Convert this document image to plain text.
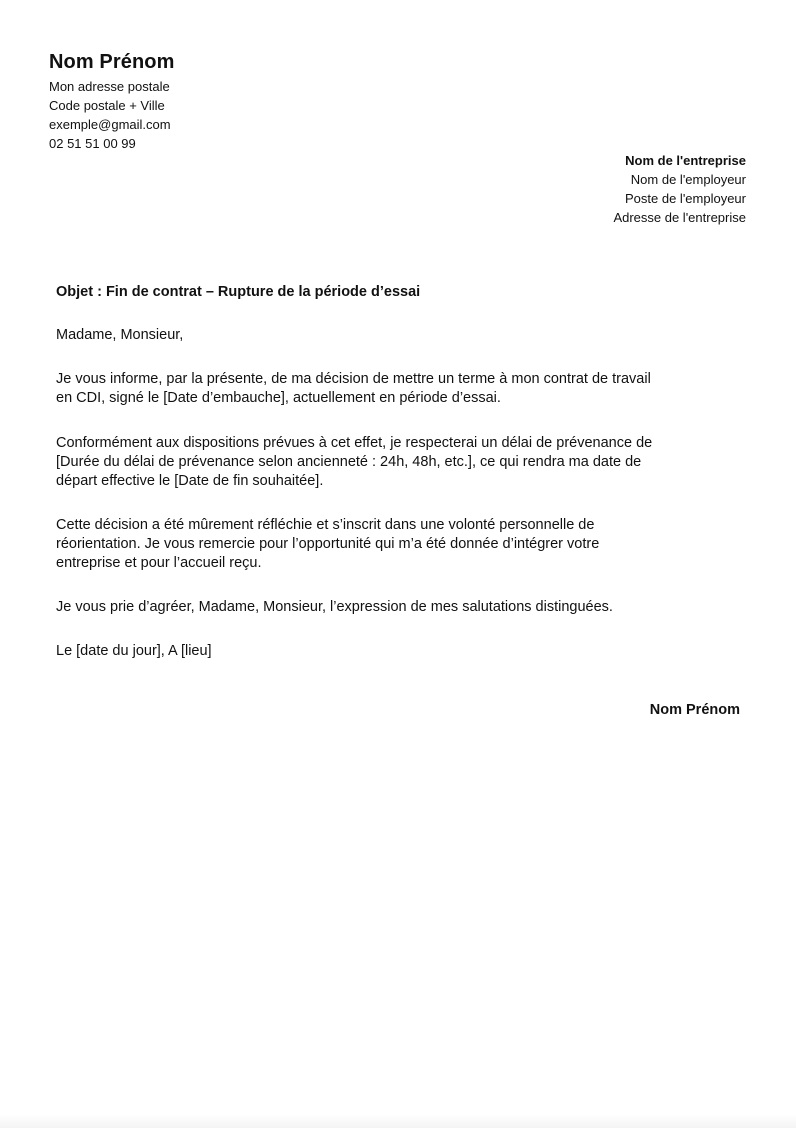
Nom Prénom
Mon adresse postale
Code postale + Ville
exemple@gmail.com
02 51 51 00 99
Nom de l'entreprise
Nom de l'employeur
Poste de l'employeur
Adresse de l'entreprise
Objet : Fin de contrat – Rupture de la période d’essai
Madame, Monsieur,
Je vous informe, par la présente, de ma décision de mettre un terme à mon contrat de travail
en CDI, signé le [Date d’embauche], actuellement en période d’essai.
Conformément aux dispositions prévues à cet effet, je respecterai un délai de prévenance de
[Durée du délai de prévenance selon ancienneté : 24h, 48h, etc.], ce qui rendra ma date de
départ effective le [Date de fin souhaitée].
Cette décision a été mûrement réfléchie et s’inscrit dans une volonté personnelle de
réorientation. Je vous remercie pour l’opportunité qui m’a été donnée d’intégrer votre
entreprise et pour l’accueil reçu.
Je vous prie d’agréer, Madame, Monsieur, l’expression de mes salutations distinguées.
Le [date du jour], A [lieu]
Nom Prénom
